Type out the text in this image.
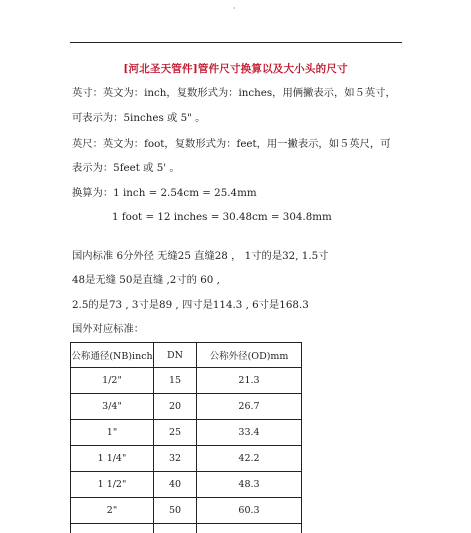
·
[河北圣天管件]管件尺寸换算以及大小头的尺寸
英寸：英文为：inch，复数形式为：inches，用俩撇表示，如５英寸，
可表示为：5inches 或 5" 。
英尺：英文为：foot，复数形式为：feet，用一撇表示，如５英尺，可
表示为：5feet 或 5' 。
换算为：1 inch = 2.54cm = 25.4mm
1 foot = 12 inches = 30.48cm = 304.8mm
国内标准 6分外径 无缝25 直缝28 ， 1寸的是32, 1.5寸
48是无缝 50是直缝 ,2寸的 60 ,
2.5的是73 , 3寸是89 , 四寸是114.3 , 6寸是168.3
国外对应标准：
公称通径(NB)inch	DN	公称外径(OD)mm
1/2"	15	21.3
3/4"	20	26.7
1"	25	33.4
1 1/4"	32	42.2
1 1/2"	40	48.3
2"	50	60.3
